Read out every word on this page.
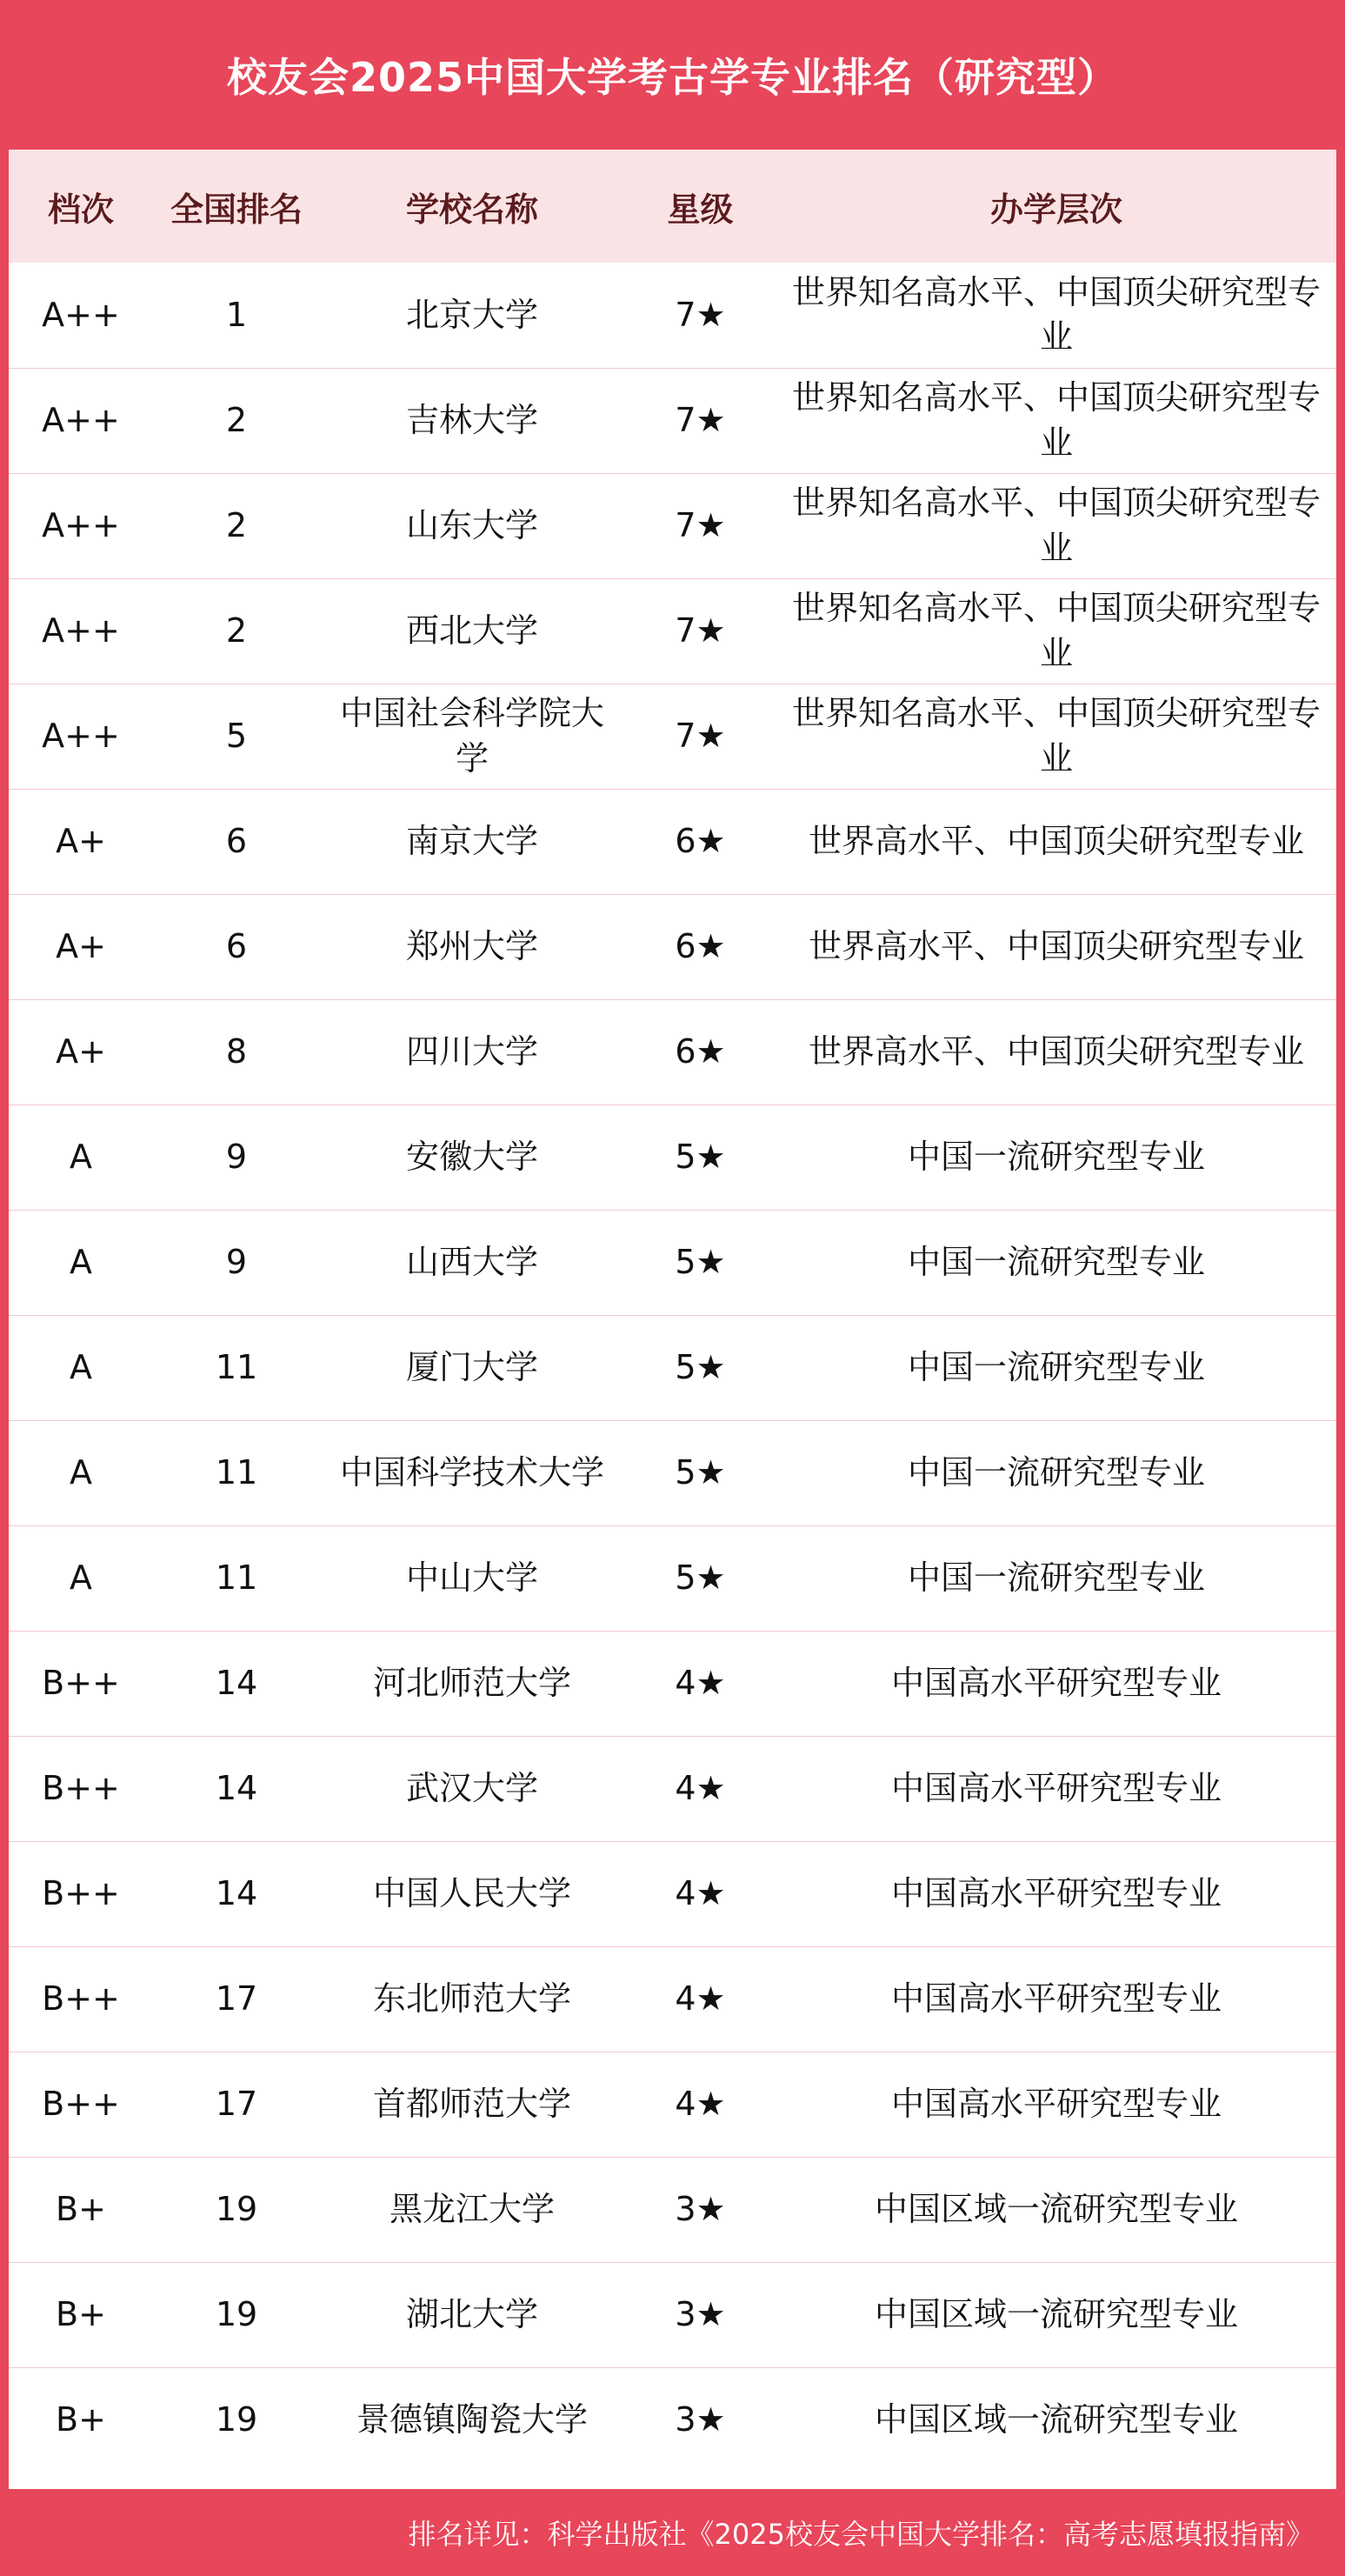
校友会2025中国大学考古学专业排名（研究型）
档次	全国排名	学校名称	星级	办学层次
A++	1	北京大学	7★	世界知名高水平、中国顶尖研究型专业
A++	2	吉林大学	7★	世界知名高水平、中国顶尖研究型专业
A++	2	山东大学	7★	世界知名高水平、中国顶尖研究型专业
A++	2	西北大学	7★	世界知名高水平、中国顶尖研究型专业
A++	5	中国社会科学院大学	7★	世界知名高水平、中国顶尖研究型专业
A+	6	南京大学	6★	世界高水平、中国顶尖研究型专业
A+	6	郑州大学	6★	世界高水平、中国顶尖研究型专业
A+	8	四川大学	6★	世界高水平、中国顶尖研究型专业
A	9	安徽大学	5★	中国一流研究型专业
A	9	山西大学	5★	中国一流研究型专业
A	11	厦门大学	5★	中国一流研究型专业
A	11	中国科学技术大学	5★	中国一流研究型专业
A	11	中山大学	5★	中国一流研究型专业
B++	14	河北师范大学	4★	中国高水平研究型专业
B++	14	武汉大学	4★	中国高水平研究型专业
B++	14	中国人民大学	4★	中国高水平研究型专业
B++	17	东北师范大学	4★	中国高水平研究型专业
B++	17	首都师范大学	4★	中国高水平研究型专业
B+	19	黑龙江大学	3★	中国区域一流研究型专业
B+	19	湖北大学	3★	中国区域一流研究型专业
B+	19	景德镇陶瓷大学	3★	中国区域一流研究型专业
排名详见：科学出版社《2025校友会中国大学排名：高考志愿填报指南》
